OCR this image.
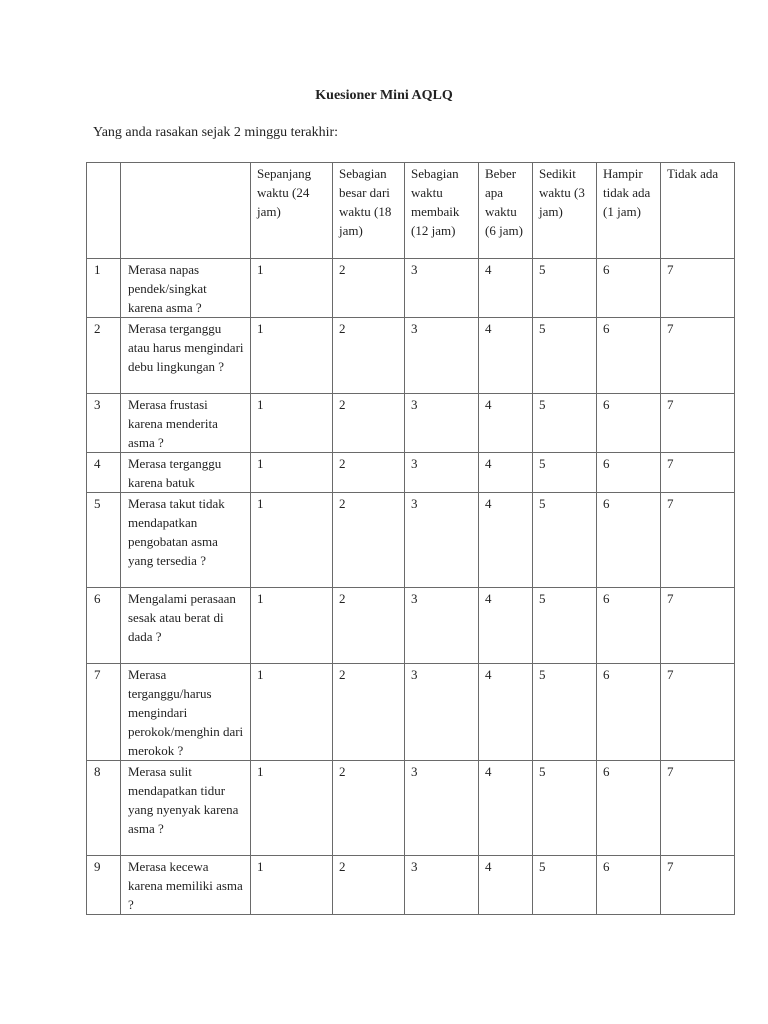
Kuesioner Mini AQLQ
Yang anda rasakan sejak 2 minggu terakhir:
		Sepanjang waktu (24 jam)	Sebagian besar dari waktu (18 jam)	Sebagian waktu membaik (12 jam)	Beber apa waktu (6 jam)	Sedikit waktu (3 jam)	Hampir tidak ada (1 jam)	Tidak ada
1	Merasa napas pendek/singkat karena asma ?	1	2	3	4	5	6	7
2	Merasa terganggu atau harus mengindari debu lingkungan ?	1	2	3	4	5	6	7
3	Merasa frustasi karena menderita asma ?	1	2	3	4	5	6	7
4	Merasa terganggu karena batuk	1	2	3	4	5	6	7
5	Merasa takut tidak mendapatkan pengobatan asma yang tersedia ?	1	2	3	4	5	6	7
6	Mengalami perasaan sesak atau berat di dada ?	1	2	3	4	5	6	7
7	Merasa terganggu/harus mengindari perokok/menghin dari merokok ?	1	2	3	4	5	6	7
8	Merasa sulit mendapatkan tidur yang nyenyak karena asma ?	1	2	3	4	5	6	7
9	Merasa kecewa karena memiliki asma ?	1	2	3	4	5	6	7
